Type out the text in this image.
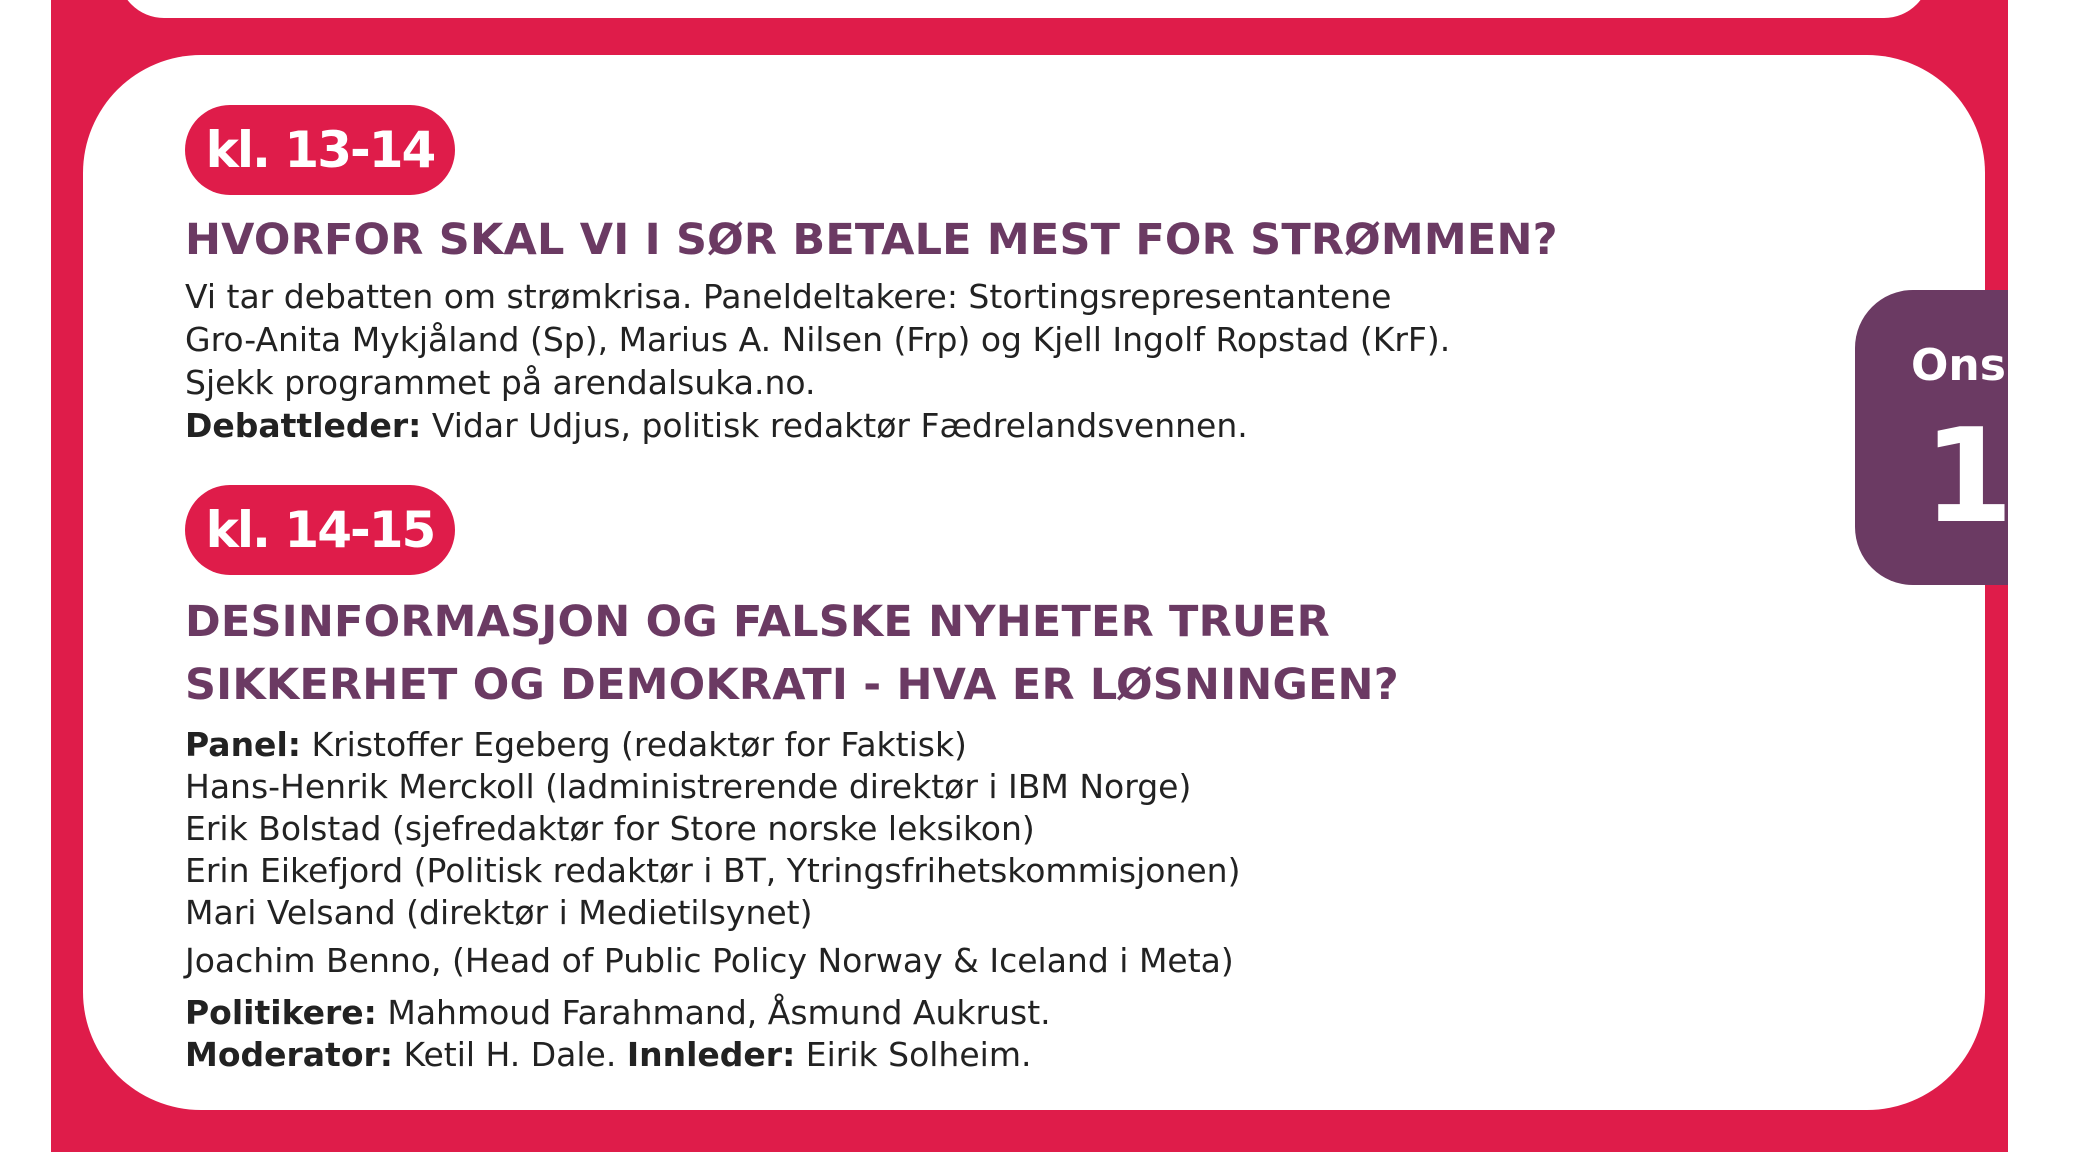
kl. 13-14
HVORFOR SKAL VI I SØR BETALE MEST FOR STRØMMEN?
Vi tar debatten om strømkrisa. Paneldeltakere: Stortingsrepresentantene
Gro-Anita Mykjåland (Sp), Marius A. Nilsen (Frp) og Kjell Ingolf Ropstad (KrF).
Sjekk programmet på arendalsuka.no.
Debattleder: Vidar Udjus, politisk redaktør Fædrelandsvennen.
kl. 14-15
DESINFORMASJON OG FALSKE NYHETER TRUER
SIKKERHET OG DEMOKRATI - HVA ER LØSNINGEN?
Panel: Kristoffer Egeberg (redaktør for Faktisk)
Hans-Henrik Merckoll (ladministrerende direktør i IBM Norge)
Erik Bolstad (sjefredaktør for Store norske leksikon)
Erin Eikefjord (Politisk redaktør i BT, Ytringsfrihetskommisjonen)
Mari Velsand (direktør i Medietilsynet)
Joachim Benno, (Head of Public Policy Norway & Iceland i Meta)
Politikere: Mahmoud Farahmand, Åsmund Aukrust.
Moderator: Ketil H. Dale. Innleder: Eirik Solheim.
Ons
17
